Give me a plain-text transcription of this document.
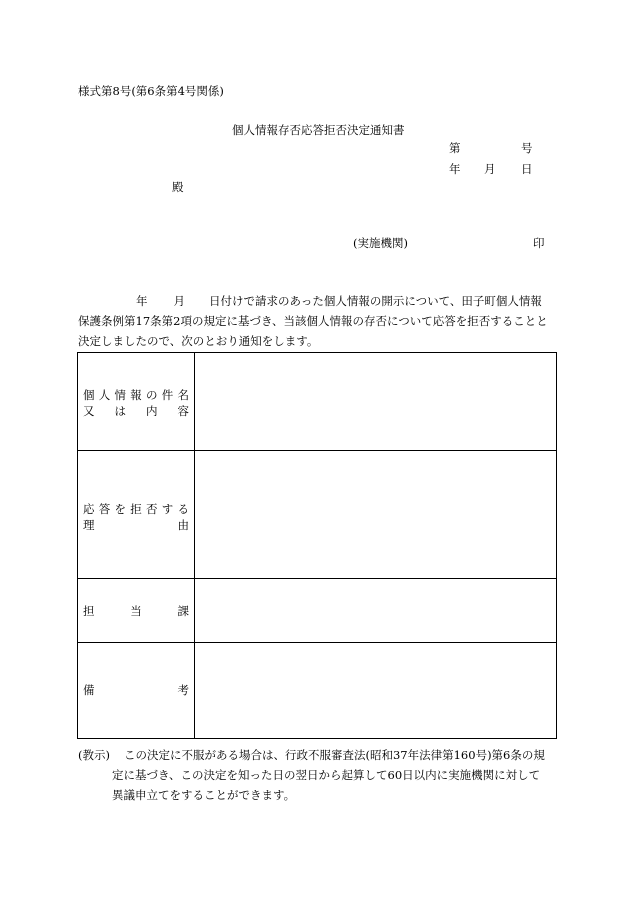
様式第8号(第6条第4号関係)
個人情報存否応答拒否決定通知書
第	号
年 月 日
殿
(実施機関)	印
年 月 日付けで請求のあった個人情報の開示について、田子町個人情報
保護条例第17条第2項の規定に基づき、当該個人情報の存否について応答を拒否することと
決定しましたので、次のとおり通知をします。
個 人 情 報 の 件 名
又 は 内 容
応 答 を 拒 否 す る
理	由
担	当	課
備	考
(教示) この決定に不服がある場合は、行政不服審査法(昭和37年法律第160号)第6条の規
定に基づき、この決定を知った日の翌日から起算して60日以内に実施機関に対して
異議申立てをすることができます。
